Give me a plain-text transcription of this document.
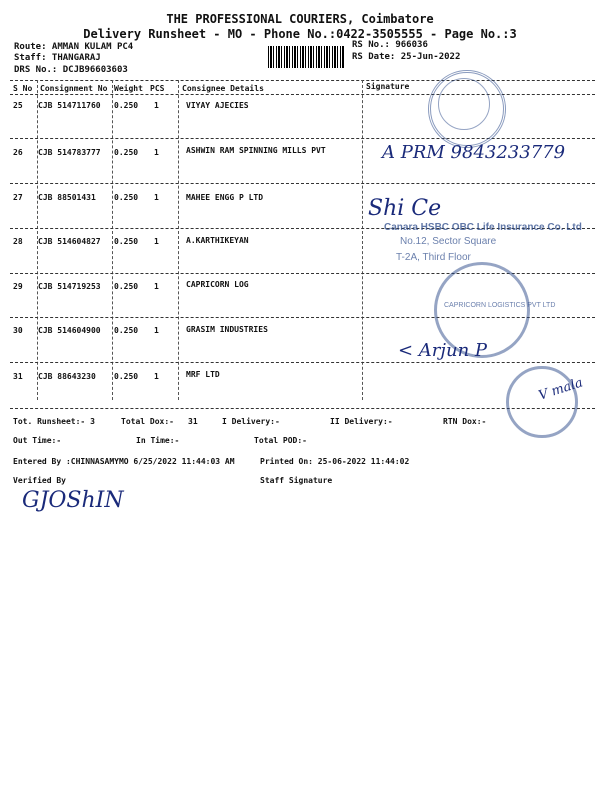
THE PROFESSIONAL COURIERS, Coimbatore
Delivery Runsheet - MO - Phone No.:0422-3505555 - Page No.:3
Route: AMMAN KULAM PC4
Staff: THANGARAJ
DRS No.: DCJB96603603
RS No.: 966036
RS Date: 25-Jun-2022
S No Consignment No Weight PCS Consignee Details	Signature
25 CJB 514711760 0.250 1	VIYAY AJECIES
26 CJB 514783777 0.250 1	ASHWIN RAM SPINNING MILLS PVT
27 CJB 88501431 0.250 1	MAHEE ENGG P LTD
28 CJB 514604827 0.250 1	A.KARTHIKEYAN
29 CJB 514719253 0.250 1	CAPRICORN LOG
30 CJB 514604900 0.250 1	GRASIM INDUSTRIES
31 CJB 88643230 0.250 1	MRF LTD
Canara HSBC OBC Life Insurance Co. Ltd
No.12, Sector Square
T-2A, Third Floor
CAPRICORN LOGISTICS PVT LTD
A PRM 9843233779
Shi Ce
< Arjun P
V mala
Tot. Runsheet:- 3	Total Dox:- 31	I Delivery:-	II Delivery:-	RTN Dox:-
Out Time:-	In Time:-	Total POD:-
Entered By :CHINNASAMYMO 6/25/2022 11:44:03 AM	Printed On: 25-06-2022 11:44:02
Verified By	Staff Signature
GJOShIN
